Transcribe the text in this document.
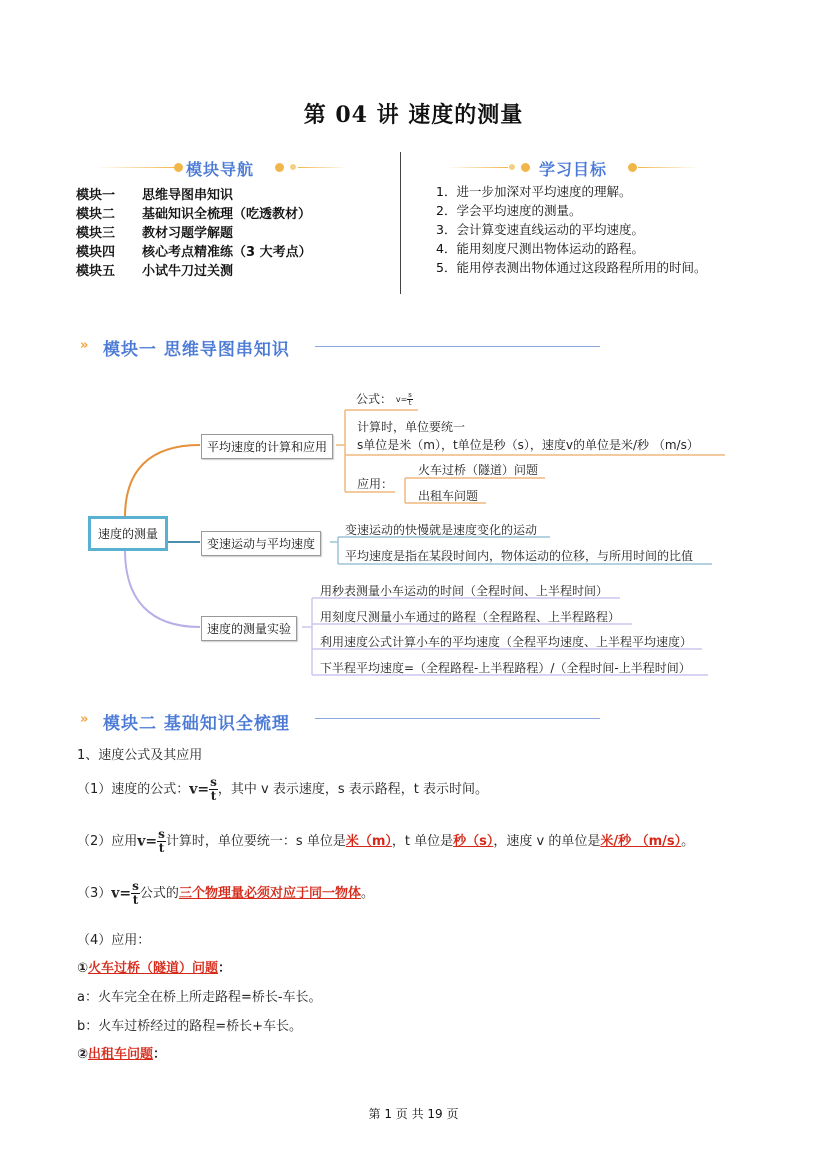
第 04 讲 速度的测量
模块导航
模块一 思维导图串知识
模块二 基础知识全梳理（吃透教材）
模块三 教材习题学解题
模块四 核心考点精准练（3 大考点）
模块五 小试牛刀过关测
学习目标
1．进一步加深对平均速度的理解。
2．学会平均速度的测量。
3．会计算变速直线运动的平均速度。
4．能用刻度尺测出物体运动的路程。
5．能用停表测出物体通过这段路程所用的时间。
» 模块一 思维导图串知识
速度的测量
平均速度的计算和应用
公式： $v= \frac{s}{t}$
计算时，单位要统一
s单位是米（m），t单位是秒（s），速度v的单位是米/秒 （m/s）
应用：
火车过桥（隧道）问题
出租车问题
变速运动与平均速度
变速运动的快慢就是速度变化的运动
平均速度是指在某段时间内，物体运动的位移，与所用时间的比值
速度的测量实验
用秒表测量小车运动的时间（全程时间、上半程时间）
用刻度尺测量小车通过的路程（全程路程、上半程路程）
利用速度公式计算小车的平均速度（全程平均速度、上半程平均速度）
下半程平均速度=（全程路程-上半程路程）/（全程时间-上半程时间）
» 模块二 基础知识全梳理
1、速度公式及其应用
（1）速度的公式：$v= \frac{s}{t}$ ，其中 v 表示速度，s 表示路程，t 表示时间。
（2）应用$v= \frac{s}{t}$ 计算时，单位要统一：s 单位是米（m），t 单位是秒（s），速度 v 的单位是米/秒 （m/s）。
$(3)v= \frac{s}{t}$ 公式的三个物理量必须对应于同一物体。
（4）应用：
①火车过桥（隧道）问题：
a：火车完全在桥上所走路程=桥长-车长。
b：火车过桥经过的路程=桥长+车长。
②出租车问题：
第 1 页 共 19 页
